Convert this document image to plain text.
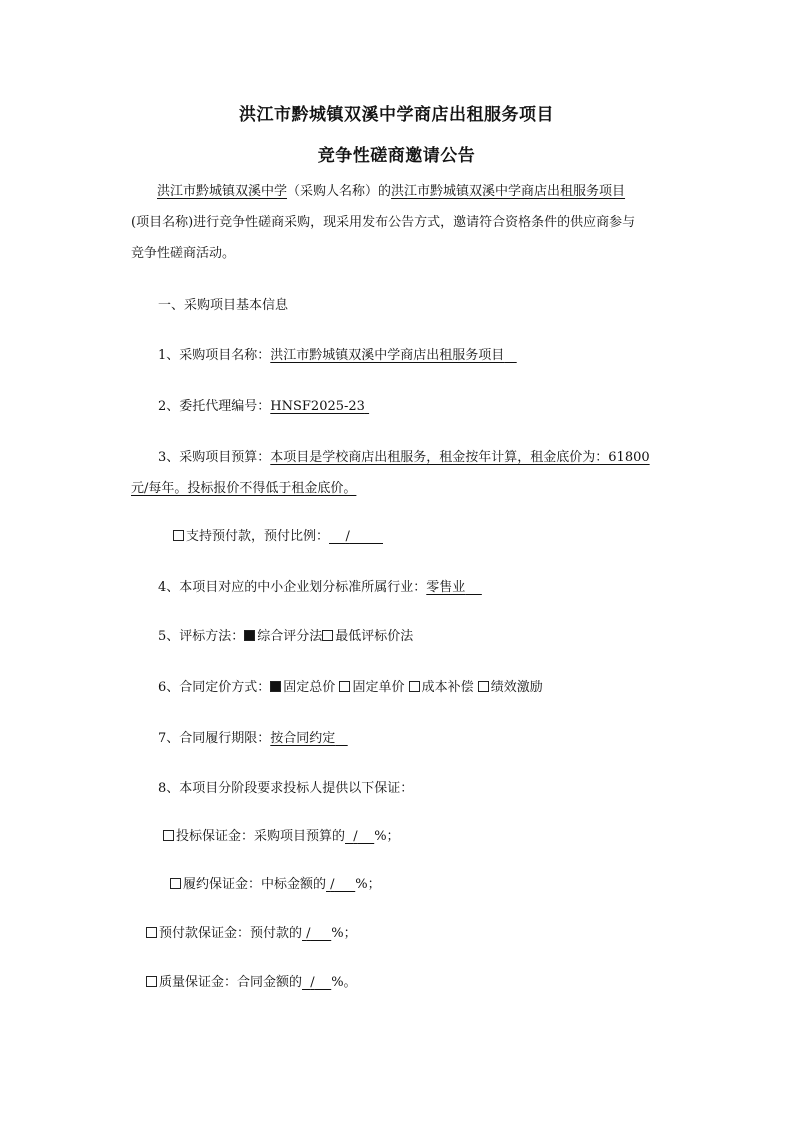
洪江市黔城镇双溪中学商店出租服务项目
竞争性磋商邀请公告
洪江市黔城镇双溪中学（采购人名称）的洪江市黔城镇双溪中学商店出租服务项目
(项目名称)进行竞争性磋商采购，现采用发布公告方式，邀请符合资格条件的供应商参与
竞争性磋商活动。
一、采购项目基本信息
1、采购项目名称：洪江市黔城镇双溪中学商店出租服务项目
2、委托代理编号：HNSF2025-23
3、采购项目预算：本项目是学校商店出租服务，租金按年计算，租金底价为：61800
元/每年。投标报价不得低于租金底价。
支持预付款，预付比例： /
4、本项目对应的中小企业划分标准所属行业：零售业
5、评标方法： 综合评分法 最低评标价法
6、合同定价方式： 固定总价 固定单价 成本补偿 绩效激励
7、合同履行期限：按合同约定
8、本项目分阶段要求投标人提供以下保证：
投标保证金：采购项目预算的 / %；
履约保证金：中标金额的 / %；
预付款保证金：预付款的 / %；
质量保证金：合同金额的 / %。
